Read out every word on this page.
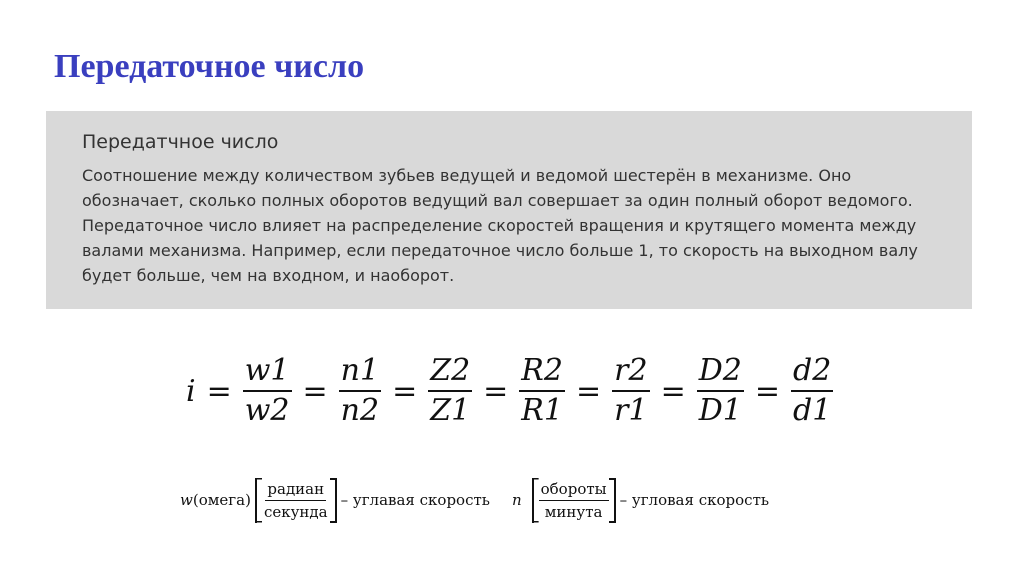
Передаточное число
Передатчное число
Соотношение между количеством зубьев ведущей и ведомой шестерён в механизме. Оно обозначает, сколько полных оборотов ведущий вал совершает за один полный оборот ведомого. Передаточное число влияет на распределение скоростей вращения и крутящего момента между валами механизма. Например, если передаточное число больше 1, то скорость на выходном валу будет больше, чем на входном, и наоборот.
$i = \frac{w1}{w2} = \frac{n1}{n2} = \frac{Z2}{Z1} = \frac{R2}{R1} = \frac{r2}{r1} = \frac{D2}{D1} = \frac{d2}{d1}$
w (омега) $\frac{\text{радиан}}{\text{секунда}}$ – углавая скорость n $\frac{\text{обороты}}{\text{минута}}$ – угловая скорость
